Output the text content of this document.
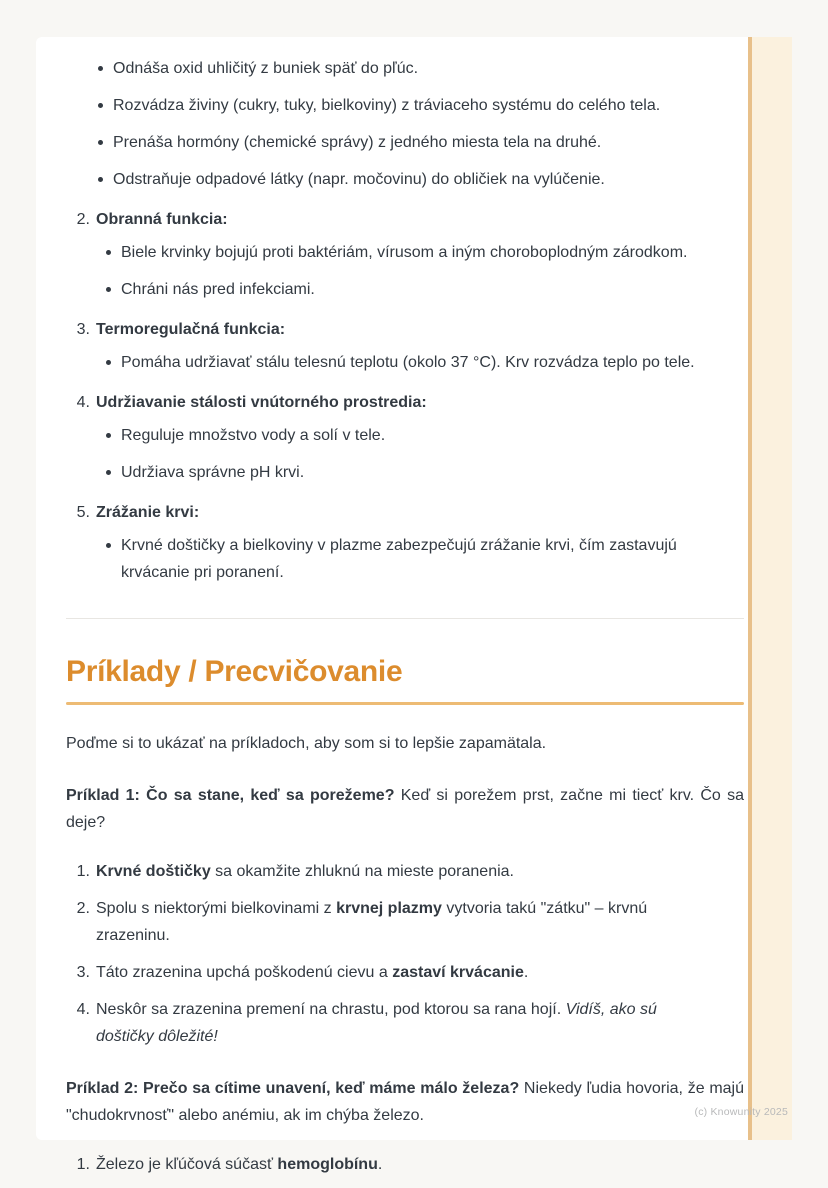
Odnáša oxid uhličitý z buniek späť do pľúc.
Rozvádza živiny (cukry, tuky, bielkoviny) z tráviaceho systému do celého tela.
Prenáša hormóny (chemické správy) z jedného miesta tela na druhé.
Odstraňuje odpadové látky (napr. močovinu) do obličiek na vylúčenie.
2. Obranná funkcia:
Biele krvinky bojujú proti baktériám, vírusom a iným choroboplodným zárodkom.
Chráni nás pred infekciami.
3. Termoregulačná funkcia:
Pomáha udržiavať stálu telesnú teplotu (okolo 37 °C). Krv rozvádza teplo po tele.
4. Udržiavanie stálosti vnútorného prostredia:
Reguluje množstvo vody a solí v tele.
Udržiava správne pH krvi.
5. Zrážanie krvi:
Krvné doštičky a bielkoviny v plazme zabezpečujú zrážanie krvi, čím zastavujú krvácanie pri poranení.
Príklady / Precvičovanie

Poďme si to ukázať na príkladoch, aby som si to lepšie zapamätala.

Príklad 1: Čo sa stane, keď sa porežeme? Keď si porežem prst, začne mi tiecť krv. Čo sa deje?

1. Krvné doštičky sa okamžite zhluknú na mieste poranenia.
2. Spolu s niektorými bielkovinami z krvnej plazmy vytvoria takú "zátku" – krvnú zrazeninu.
3. Táto zrazenina upchá poškodenú cievu a zastaví krvácanie.
4. Neskôr sa zrazenina premení na chrastu, pod ktorou sa rana hojí. Vidíš, ako sú doštičky dôležité!

Príklad 2: Prečo sa cítime unavení, keď máme málo železa? Niekedy ľudia hovoria, že majú "chudokrvnosť" alebo anémiu, ak im chýba železo.

1. Železo je kľúčová súčasť hemoglobínu.
(c) Knowunity 2025
